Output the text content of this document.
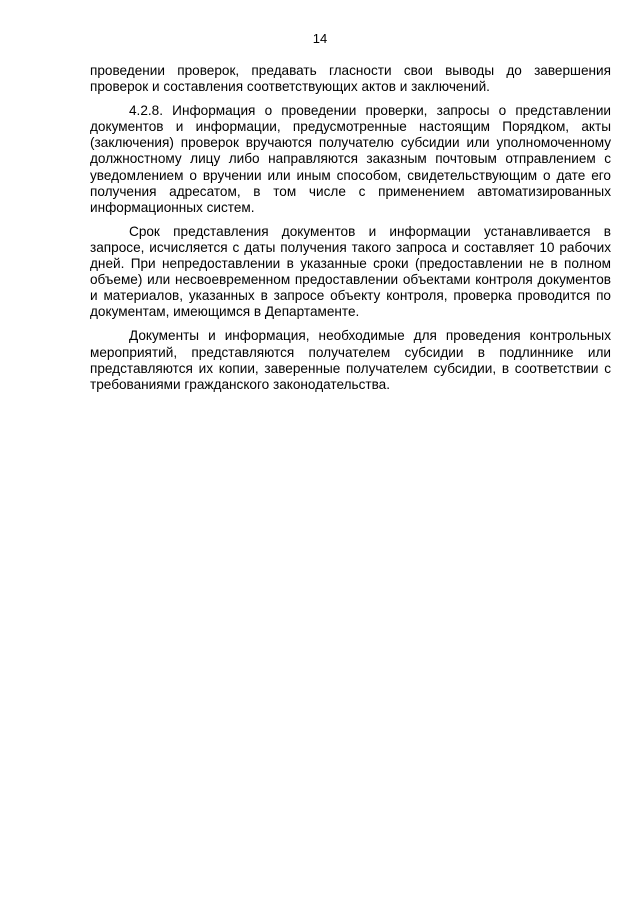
14

проведении проверок, предавать гласности свои выводы до завершения проверок и составления соответствующих актов и заключений.

4.2.8. Информация о проведении проверки, запросы о представлении документов и информации, предусмотренные настоящим Порядком, акты (заключения) проверок вручаются получателю субсидии или уполномоченному должностному лицу либо направляются заказным почтовым отправлением с уведомлением о вручении или иным способом, свидетельствующим о дате его получения адресатом, в том числе с применением автоматизированных информационных систем.

Срок представления документов и информации устанавливается в запросе, исчисляется с даты получения такого запроса и составляет 10 рабочих дней. При непредоставлении в указанные сроки (предоставлении не в полном объеме) или несвоевременном предоставлении объектами контроля документов и материалов, указанных в запросе объекту контроля, проверка проводится по документам, имеющимся в Департаменте.

Документы и информация, необходимые для проведения контрольных мероприятий, представляются получателем субсидии в подлиннике или представляются их копии, заверенные получателем субсидии, в соответствии с требованиями гражданского законодательства.
